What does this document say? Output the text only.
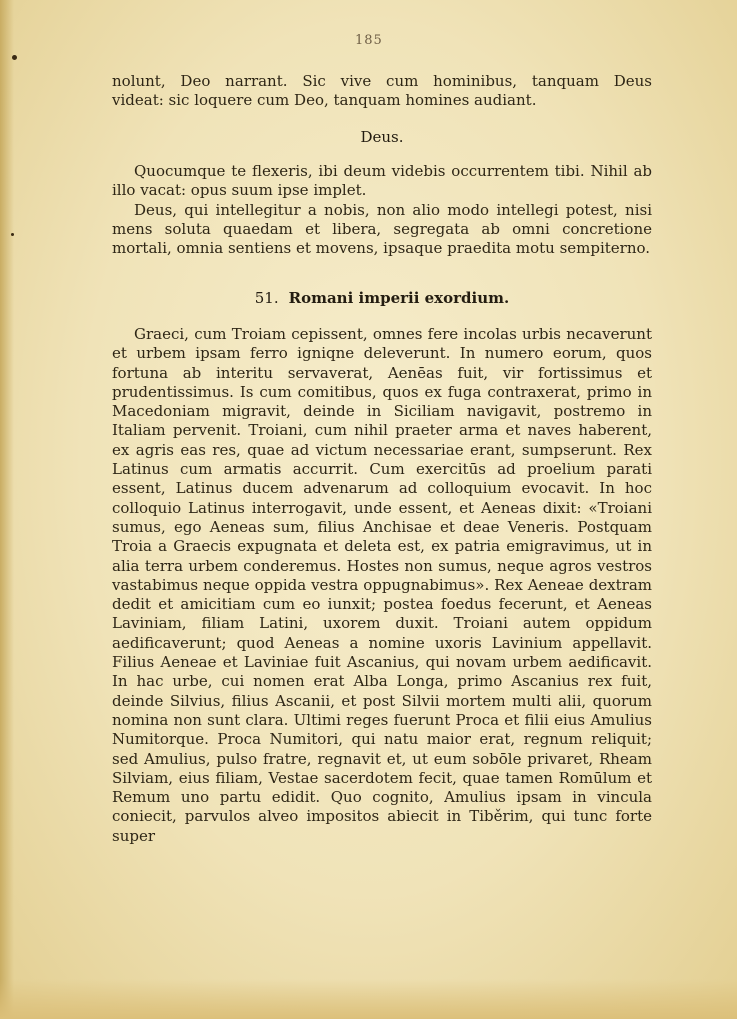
185

nolunt, Deo narrant. Sic vive cum hominibus, tanquam Deus

videat: sic loquere cum Deo, tanquam homines audiant.

Deus.

Quocumque te flexeris, ibi deum videbis occurrentem tibi. Nihil ab illo vacat: opus suum ipse implet.

Deus, qui intellegitur a nobis, non alio modo intellegi potest, nisi mens soluta quaedam et libera, segregata ab omni concretione mortali, omnia sentiens et movens, ipsaque praedita motu sempiterno.

51. Romani imperii exordium.

Graeci, cum Troiam cepissent, omnes fere incolas urbis necaverunt et urbem ipsam ferro igniqne deleverunt. In numero eorum, quos fortuna ab interitu servaverat, Aenēas fuit, vir fortissimus et prudentissimus. Is cum comitibus, quos ex fuga contraxerat, primo in Macedoniam migravit, deinde in Siciliam navigavit, postremo in Italiam pervenit. Troiani, cum nihil praeter arma et naves haberent, ex agris eas res, quae ad victum necessariae erant, sumpserunt. Rex Latinus cum armatis accurrit. Cum exercitūs ad proelium parati essent, Latinus ducem advenarum ad colloquium evocavit. In hoc colloquio Latinus interrogavit, unde essent, et Aeneas dixit: «Troiani sumus, ego Aeneas sum, filius Anchisae et deae Veneris. Postquam Troia a Graecis expugnata et deleta est, ex patria emigravimus, ut in alia terra urbem conderemus. Hostes non sumus, neque agros vestros vastabimus neque oppida vestra oppugnabimus». Rex Aeneae dextram dedit et amicitiam cum eo iunxit; postea foedus fecerunt, et Aeneas Laviniam, filiam Latini, uxorem duxit. Troiani autem oppidum aedificaverunt; quod Aeneas a nomine uxoris Lavinium appellavit. Filius Aeneae et Laviniae fuit Ascanius, qui novam urbem aedificavit. In hac urbe, cui nomen erat Alba Longa, primo Ascanius rex fuit, deinde Silvius, filius Ascanii, et post Silvii mortem multi alii, quorum nomina non sunt clara. Ultimi reges fuerunt Proca et filii eius Amulius Numitorque. Proca Numitori, qui natu maior erat, regnum reliquit; sed Amulius, pulso fratre, regnavit et, ut eum sobōle privaret, Rheam Silviam, eius filiam, Vestae sacerdotem fecit, quae tamen Romūlum et Remum uno partu edidit. Quo cognito, Amulius ipsam in vincula coniecit, parvulos alveo impositos abiecit in Tiběrim, qui tunc forte super
